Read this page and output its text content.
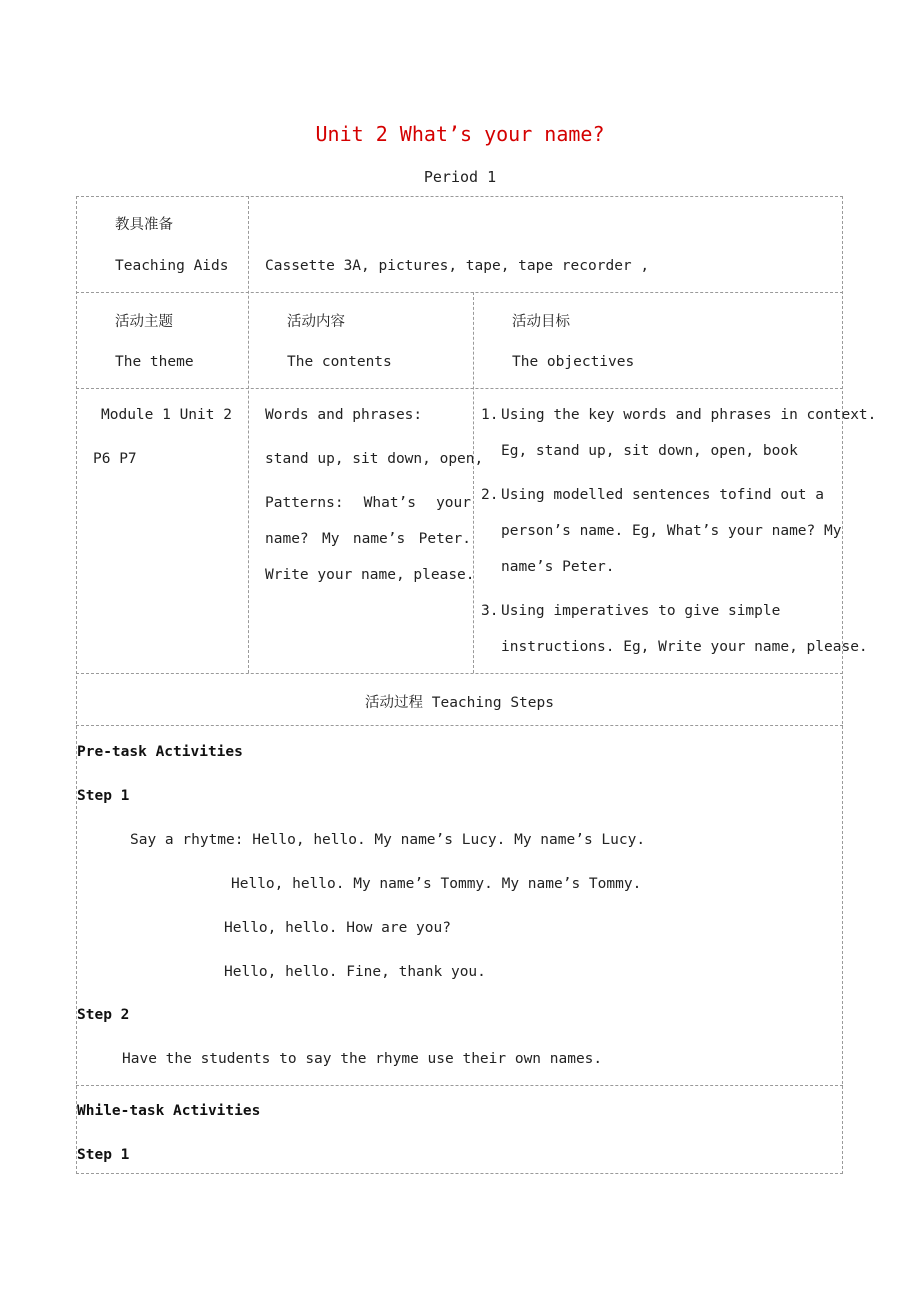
Unit 2 What’s your name?
Period 1
教具准备
Teaching Aids	Cassette 3A, pictures, tape, tape recorder ,
活动主题
The theme
活动内容
The contents
活动目标
The objectives
Module 1 Unit 2
P6 P7
Words and phrases:
stand up, sit down, open,
Patterns: What’s your
name? My name’s Peter.
Write your name, please.
1. Using the key words and phrases in context.
Eg, stand up, sit down, open, book
2. Using modelled sentences tofind out a
person’s name. Eg, What’s your name? My
name’s Peter.
3. Using imperatives to give simple
instructions. Eg, Write your name, please.
活动过程 Teaching Steps
Pre-task Activities
Step 1
Say a rhytme: Hello, hello. My name’s Lucy. My name’s Lucy.
Hello, hello. My name’s Tommy. My name’s Tommy.
Hello, hello. How are you?
Hello, hello. Fine, thank you.
Step 2
Have the students to say the rhyme use their own names.
While-task Activities
Step 1
